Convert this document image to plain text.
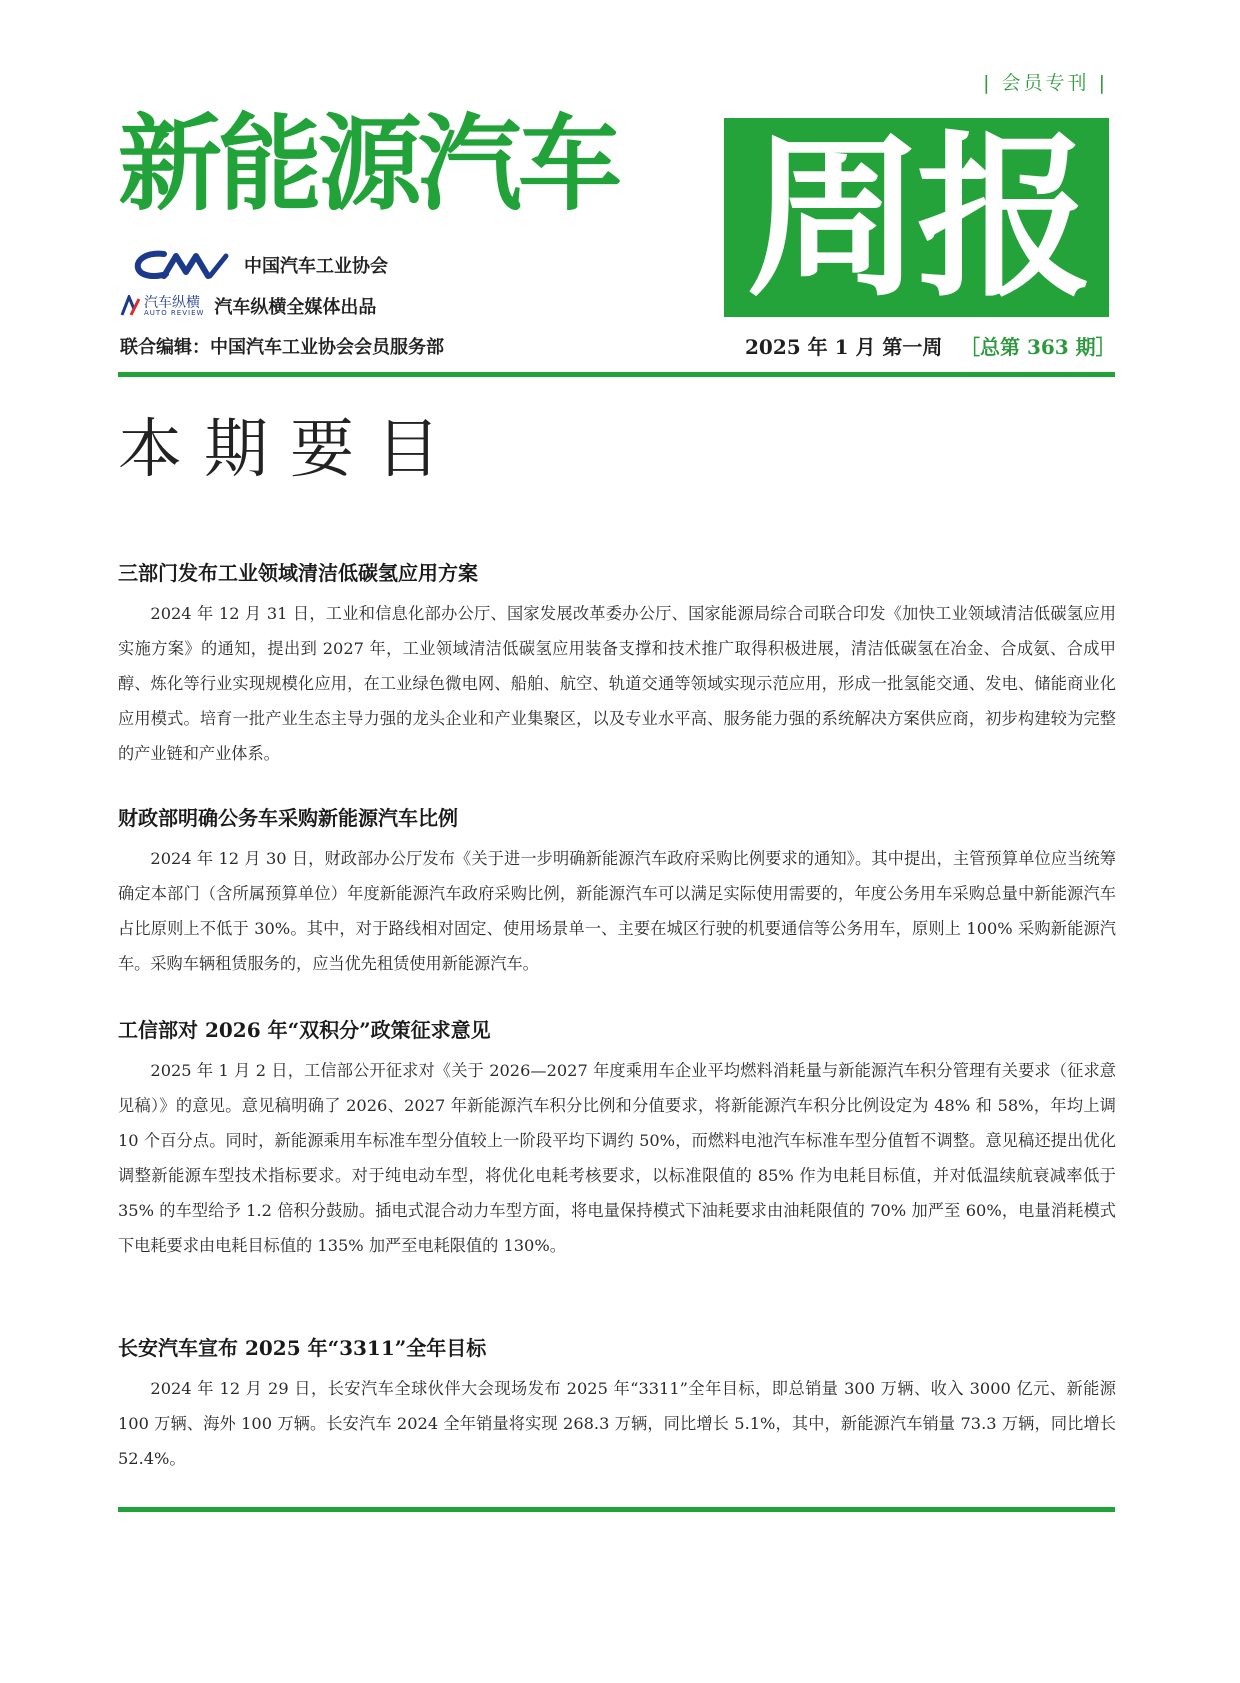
| 会员专刊 |
新能源汽车 周报
中国汽车工业协会
汽车纵横
AUTO REVIEW 汽车纵横全媒体出品
联合编辑：中国汽车工业协会会员服务部	2025 年 1 月 第一周 ［总第 363 期］
本期要目
三部门发布工业领域清洁低碳氢应用方案

2024 年 12 月 31 日，工业和信息化部办公厅、国家发展改革委办公厅、国家能源局综合司联合印发《加快工业领域清洁低碳氢应用实施方案》的通知，提出到 2027 年，工业领域清洁低碳氢应用装备支撑和技术推广取得积极进展，清洁低碳氢在冶金、合成氨、合成甲醇、炼化等行业实现规模化应用，在工业绿色微电网、船舶、航空、轨道交通等领域实现示范应用，形成一批氢能交通、发电、储能商业化应用模式。培育一批产业生态主导力强的龙头企业和产业集聚区，以及专业水平高、服务能力强的系统解决方案供应商，初步构建较为完整的产业链和产业体系。

财政部明确公务车采购新能源汽车比例

2024 年 12 月 30 日，财政部办公厅发布《关于进一步明确新能源汽车政府采购比例要求的通知》。其中提出，主管预算单位应当统筹确定本部门（含所属预算单位）年度新能源汽车政府采购比例，新能源汽车可以满足实际使用需要的，年度公务用车采购总量中新能源汽车占比原则上不低于 30%。其中，对于路线相对固定、使用场景单一、主要在城区行驶的机要通信等公务用车，原则上 100% 采购新能源汽车。采购车辆租赁服务的，应当优先租赁使用新能源汽车。

工信部对 2026 年“双积分”政策征求意见

2025 年 1 月 2 日，工信部公开征求对《关于 2026—2027 年度乘用车企业平均燃料消耗量与新能源汽车积分管理有关要求（征求意见稿）》的意见。意见稿明确了 2026、2027 年新能源汽车积分比例和分值要求，将新能源汽车积分比例设定为 48% 和 58%，年均上调 10 个百分点。同时，新能源乘用车标准车型分值较上一阶段平均下调约 50%，而燃料电池汽车标准车型分值暂不调整。意见稿还提出优化调整新能源车型技术指标要求。对于纯电动车型，将优化电耗考核要求，以标准限值的 85% 作为电耗目标值，并对低温续航衰减率低于 35% 的车型给予 1.2 倍积分鼓励。插电式混合动力车型方面，将电量保持模式下油耗要求由油耗限值的 70% 加严至 60%，电量消耗模式下电耗要求由电耗目标值的 135% 加严至电耗限值的 130%。

长安汽车宣布 2025 年“3311”全年目标

2024 年 12 月 29 日，长安汽车全球伙伴大会现场发布 2025 年“3311”全年目标，即总销量 300 万辆、收入 3000 亿元、新能源 100 万辆、海外 100 万辆。长安汽车 2024 全年销量将实现 268.3 万辆，同比增长 5.1%，其中，新能源汽车销量 73.3 万辆，同比增长 52.4%。
